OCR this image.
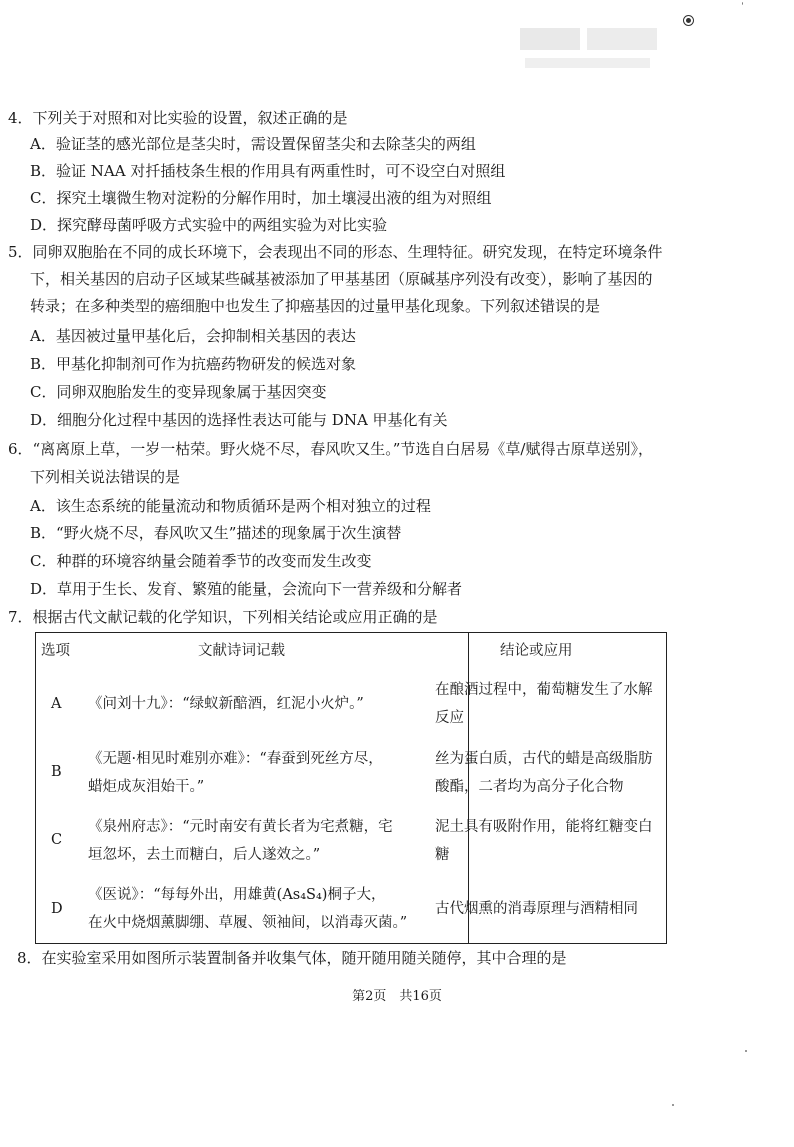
4．下列关于对照和对比实验的设置，叙述正确的是
A．验证茎的感光部位是茎尖时，需设置保留茎尖和去除茎尖的两组
B．验证 NAA 对扦插枝条生根的作用具有两重性时，可不设空白对照组
C．探究土壤微生物对淀粉的分解作用时，加土壤浸出液的组为对照组
D．探究酵母菌呼吸方式实验中的两组实验为对比实验
5．同卵双胞胎在不同的成长环境下，会表现出不同的形态、生理特征。研究发现，在特定环境条件
下，相关基因的启动子区域某些碱基被添加了甲基基团（原碱基序列没有改变），影响了基因的
转录；在多种类型的癌细胞中也发生了抑癌基因的过量甲基化现象。下列叙述错误的是
A．基因被过量甲基化后，会抑制相关基因的表达
B．甲基化抑制剂可作为抗癌药物研发的候选对象
C．同卵双胞胎发生的变异现象属于基因突变
D．细胞分化过程中基因的选择性表达可能与 DNA 甲基化有关
6．“离离原上草，一岁一枯荣。野火烧不尽，春风吹又生。”节选自白居易《草/赋得古原草送别》，
下列相关说法错误的是
A．该生态系统的能量流动和物质循环是两个相对独立的过程
B．“野火烧不尽，春风吹又生”描述的现象属于次生演替
C．种群的环境容纳量会随着季节的改变而发生改变
D．草用于生长、发育、繁殖的能量，会流向下一营养级和分解者
7．根据古代文献记载的化学知识，下列相关结论或应用正确的是
选项	文献诗词记载	结论或应用
A 《问刘十九》：“绿蚁新醅酒，红泥小火炉。”
在酿酒过程中，葡萄糖发生了水解
反应
B
《无题·相见时难别亦难》：“春蚕到死丝方尽，
蜡炬成灰泪始干。”
丝为蛋白质，古代的蜡是高级脂肪
酸酯，二者均为高分子化合物
C
《泉州府志》：“元时南安有黄长者为宅煮糖，宅
垣忽坏，去土而糖白，后人遂效之。”
泥土具有吸附作用，能将红糖变白
糖
D
《医说》：“每每外出，用雄黄(As₄S₄)桐子大，
在火中烧烟薰脚绷、草履、领袖间，以消毒灭菌。”
古代烟熏的消毒原理与酒精相同
8．在实验室采用如图所示装置制备并收集气体，随开随用随关随停，其中合理的是
第2页　共16页
